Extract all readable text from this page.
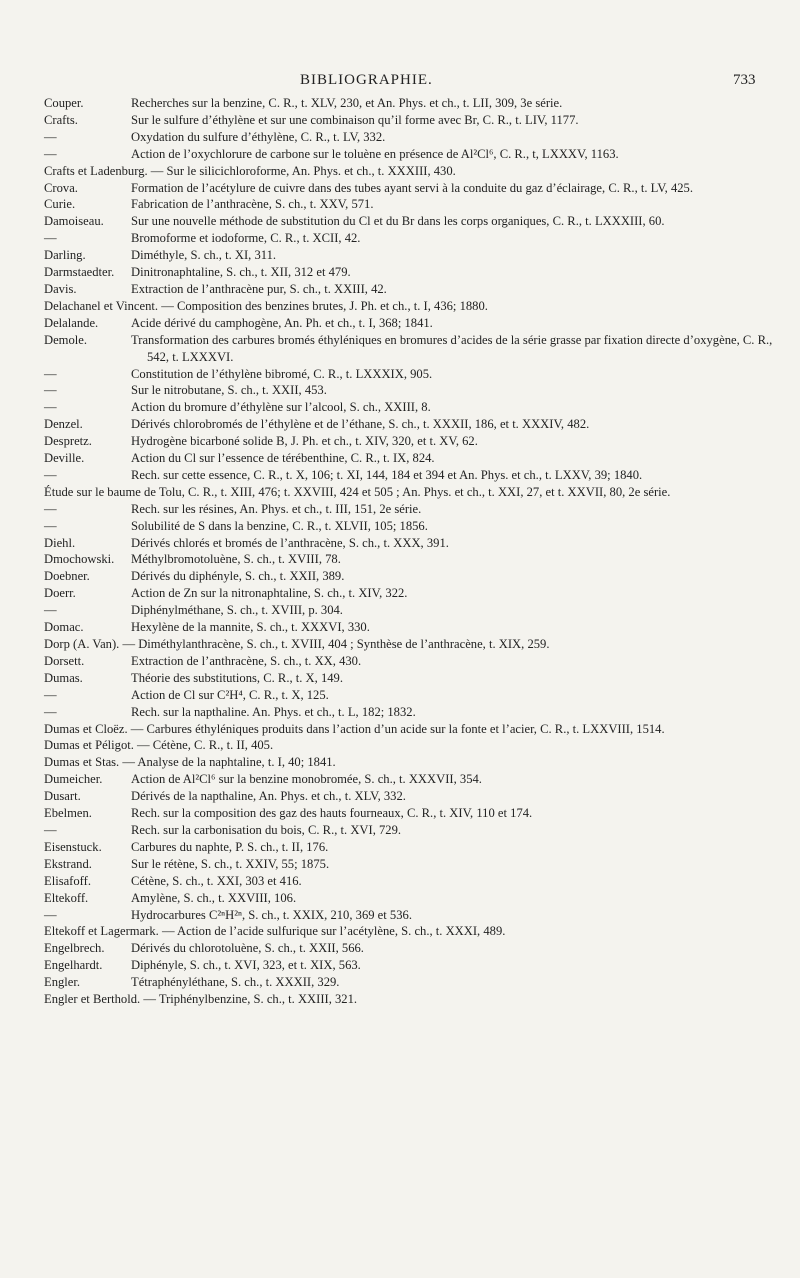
BIBLIOGRAPHIE.	733
Couper.	Recherches sur la benzine, C. R., t. XLV, 230, et An. Phys. et ch., t. LII, 309, 3e série.
Crafts.	Sur le sulfure d’éthylène et sur une combinaison qu’il forme avec Br, C. R., t. LIV, 1177.
—	Oxydation du sulfure d’éthylène, C. R., t. LV, 332.
—	Action de l’oxychlorure de carbone sur le toluène en présence de Al²Cl⁶, C. R., t, LXXXV, 1163.
Crafts et Ladenburg. — Sur le silicichloroforme, An. Phys. et ch., t. XXXIII, 430.
Crova.	Formation de l’acétylure de cuivre dans des tubes ayant servi à la conduite du gaz d’éclairage, C. R., t. LV, 425.
Curie.	Fabrication de l’anthracène, S. ch., t. XXV, 571.
Damoiseau. Sur une nouvelle méthode de substitution du Cl et du Br dans les corps organiques, C. R., t. LXXXIII, 60.
—	Bromoforme et iodoforme, C. R., t. XCII, 42.
Darling.	Diméthyle, S. ch., t. XI, 311.
Darmstaedter. Dinitronaphtaline, S. ch., t. XII, 312 et 479.
Davis.	Extraction de l’anthracène pur, S. ch., t. XXIII, 42.
Delachanel et Vincent. — Composition des benzines brutes, J. Ph. et ch., t. I, 436; 1880.
Delalande.	Acide dérivé du camphogène, An. Ph. et ch., t. I, 368; 1841.
Demole.	Transformation des carbures bromés éthyléniques en bromures d’acides de la série grasse par fixation directe d’oxygène, C. R., 542, t. LXXXVI.
—	Constitution de l’éthylène bibromé, C. R., t. LXXXIX, 905.
—	Sur le nitrobutane, S. ch., t. XXII, 453.
—	Action du bromure d’éthylène sur l’alcool, S. ch., XXIII, 8.
Denzel.	Dérivés chlorobromés de l’éthylène et de l’éthane, S. ch., t. XXXII, 186, et t. XXXIV, 482.
Despretz.	Hydrogène bicarboné solide B, J. Ph. et ch., t. XIV, 320, et t. XV, 62.
Deville.	Action du Cl sur l’essence de térébenthine, C. R., t. IX, 824.
—	Rech. sur cette essence, C. R., t. X, 106; t. XI, 144, 184 et 394 et An. Phys. et ch., t. LXXV, 39; 1840.
Étude sur le baume de Tolu, C. R., t. XIII, 476; t. XXVIII, 424 et 505 ; An. Phys. et ch., t. XXI, 27, et t. XXVII, 80, 2e série.
—	Rech. sur les résines, An. Phys. et ch., t. III, 151, 2e série.
—	Solubilité de S dans la benzine, C. R., t. XLVII, 105; 1856.
Diehl.	Dérivés chlorés et bromés de l’anthracène, S. ch., t. XXX, 391.
Dmochowski. Méthylbromotoluène, S. ch., t. XVIII, 78.
Doebner.	Dérivés du diphényle, S. ch., t. XXII, 389.
Doerr.	Action de Zn sur la nitronaphtaline, S. ch., t. XIV, 322.
—	Diphénylméthane, S. ch., t. XVIII, p. 304.
Domac.	Hexylène de la mannite, S. ch., t. XXXVI, 330.
Dorp (A. Van). — Diméthylanthracène, S. ch., t. XVIII, 404 ; Synthèse de l’anthracène, t. XIX, 259.
Dorsett.	Extraction de l’anthracène, S. ch., t. XX, 430.
Dumas.	Théorie des substitutions, C. R., t. X, 149.
—	Action de Cl sur C²H⁴, C. R., t. X, 125.
—	Rech. sur la napthaline. An. Phys. et ch., t. L, 182; 1832.
Dumas et Cloëz. — Carbures éthyléniques produits dans l’action d’un acide sur la fonte et l’acier, C. R., t. LXXVIII, 1514.
Dumas et Péligot. — Cétène, C. R., t. II, 405.
Dumas et Stas. — Analyse de la naphtaline, t. I, 40; 1841.
Dumeicher. Action de Al²Cl⁶ sur la benzine monobromée, S. ch., t. XXXVII, 354.
Dusart.	Dérivés de la napthaline, An. Phys. et ch., t. XLV, 332.
Ebelmen.	Rech. sur la composition des gaz des hauts fourneaux, C. R., t. XIV, 110 et 174.
—	Rech. sur la carbonisation du bois, C. R., t. XVI, 729.
Eisenstuck. Carbures du naphte, P. S. ch., t. II, 176.
Ekstrand.	Sur le rétène, S. ch., t. XXIV, 55; 1875.
Elisafoff.	Cétène, S. ch., t. XXI, 303 et 416.
Eltekoff.	Amylène, S. ch., t. XXVIII, 106.
—	Hydrocarbures C²ⁿH²ⁿ, S. ch., t. XXIX, 210, 369 et 536.
Eltekoff et Lagermark. — Action de l’acide sulfurique sur l’acétylène, S. ch., t. XXXI, 489.
Engelbrech. Dérivés du chlorotoluène, S. ch., t. XXII, 566.
Engelhardt. Diphényle, S. ch., t. XVI, 323, et t. XIX, 563.
Engler.	Tétraphényléthane, S. ch., t. XXXII, 329.
Engler et Berthold. — Triphénylbenzine, S. ch., t. XXIII, 321.
